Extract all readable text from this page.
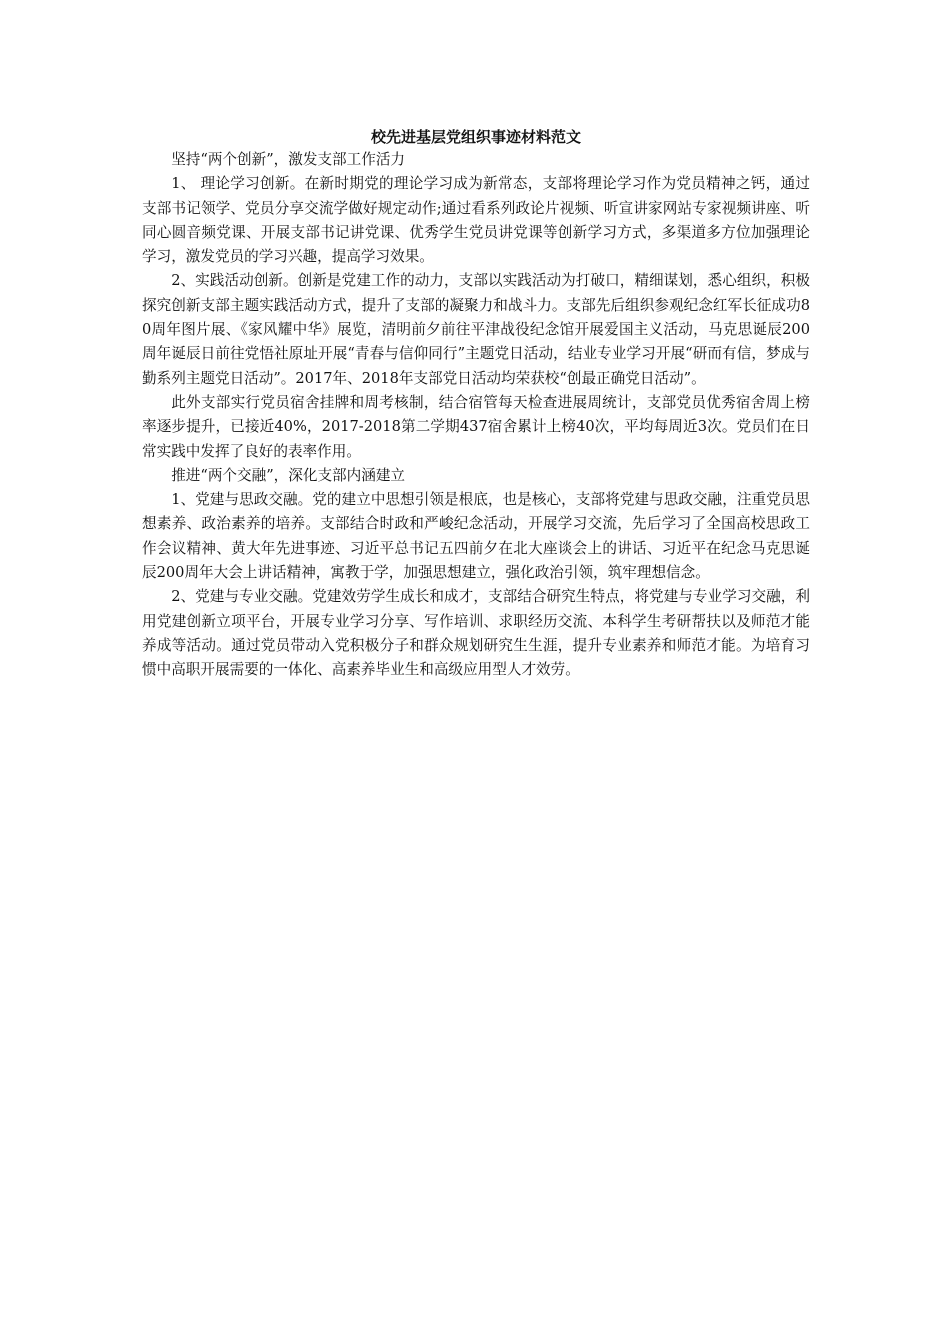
校先进基层党组织事迹材料范文

坚持“两个创新”，激发支部工作活力

1、 理论学习创新。在新时期党的理论学习成为新常态，支部将理论学习作为党员精神之钙，通过支部书记领学、党员分享交流学做好规定动作;通过看系列政论片视频、听宣讲家网站专家视频讲座、听同心圆音频党课、开展支部书记讲党课、优秀学生党员讲党课等创新学习方式，多渠道多方位加强理论学习，激发党员的学习兴趣，提高学习效果。

2、实践活动创新。创新是党建工作的动力，支部以实践活动为打破口，精细谋划，悉心组织，积极探究创新支部主题实践活动方式，提升了支部的凝聚力和战斗力。支部先后组织参观纪念红军长征成功80周年图片展、《家风耀中华》展览，清明前夕前往平津战役纪念馆开展爱国主义活动，马克思诞辰200周年诞辰日前往党悟社原址开展“青春与信仰同行”主题党日活动，结业专业学习开展“研而有信，梦成与勤系列主题党日活动”。2017年、2018年支部党日活动均荣获校“创最正确党日活动”。

此外支部实行党员宿舍挂牌和周考核制，结合宿管每天检查进展周统计，支部党员优秀宿舍周上榜率逐步提升，已接近40%，2017-2018第二学期437宿舍累计上榜40次，平均每周近3次。党员们在日常实践中发挥了良好的表率作用。

推进“两个交融”，深化支部内涵建立

1、党建与思政交融。党的建立中思想引领是根底，也是核心，支部将党建与思政交融，注重党员思想素养、政治素养的培养。支部结合时政和严峻纪念活动，开展学习交流，先后学习了全国高校思政工作会议精神、黄大年先进事迹、习近平总书记五四前夕在北大座谈会上的讲话、习近平在纪念马克思诞辰200周年大会上讲话精神，寓教于学，加强思想建立，强化政治引领，筑牢理想信念。

2、党建与专业交融。党建效劳学生成长和成才，支部结合研究生特点，将党建与专业学习交融，利用党建创新立项平台，开展专业学习分享、写作培训、求职经历交流、本科学生考研帮扶以及师范才能养成等活动。通过党员带动入党积极分子和群众规划研究生生涯，提升专业素养和师范才能。为培育习惯中高职开展需要的一体化、高素养毕业生和高级应用型人才效劳。
